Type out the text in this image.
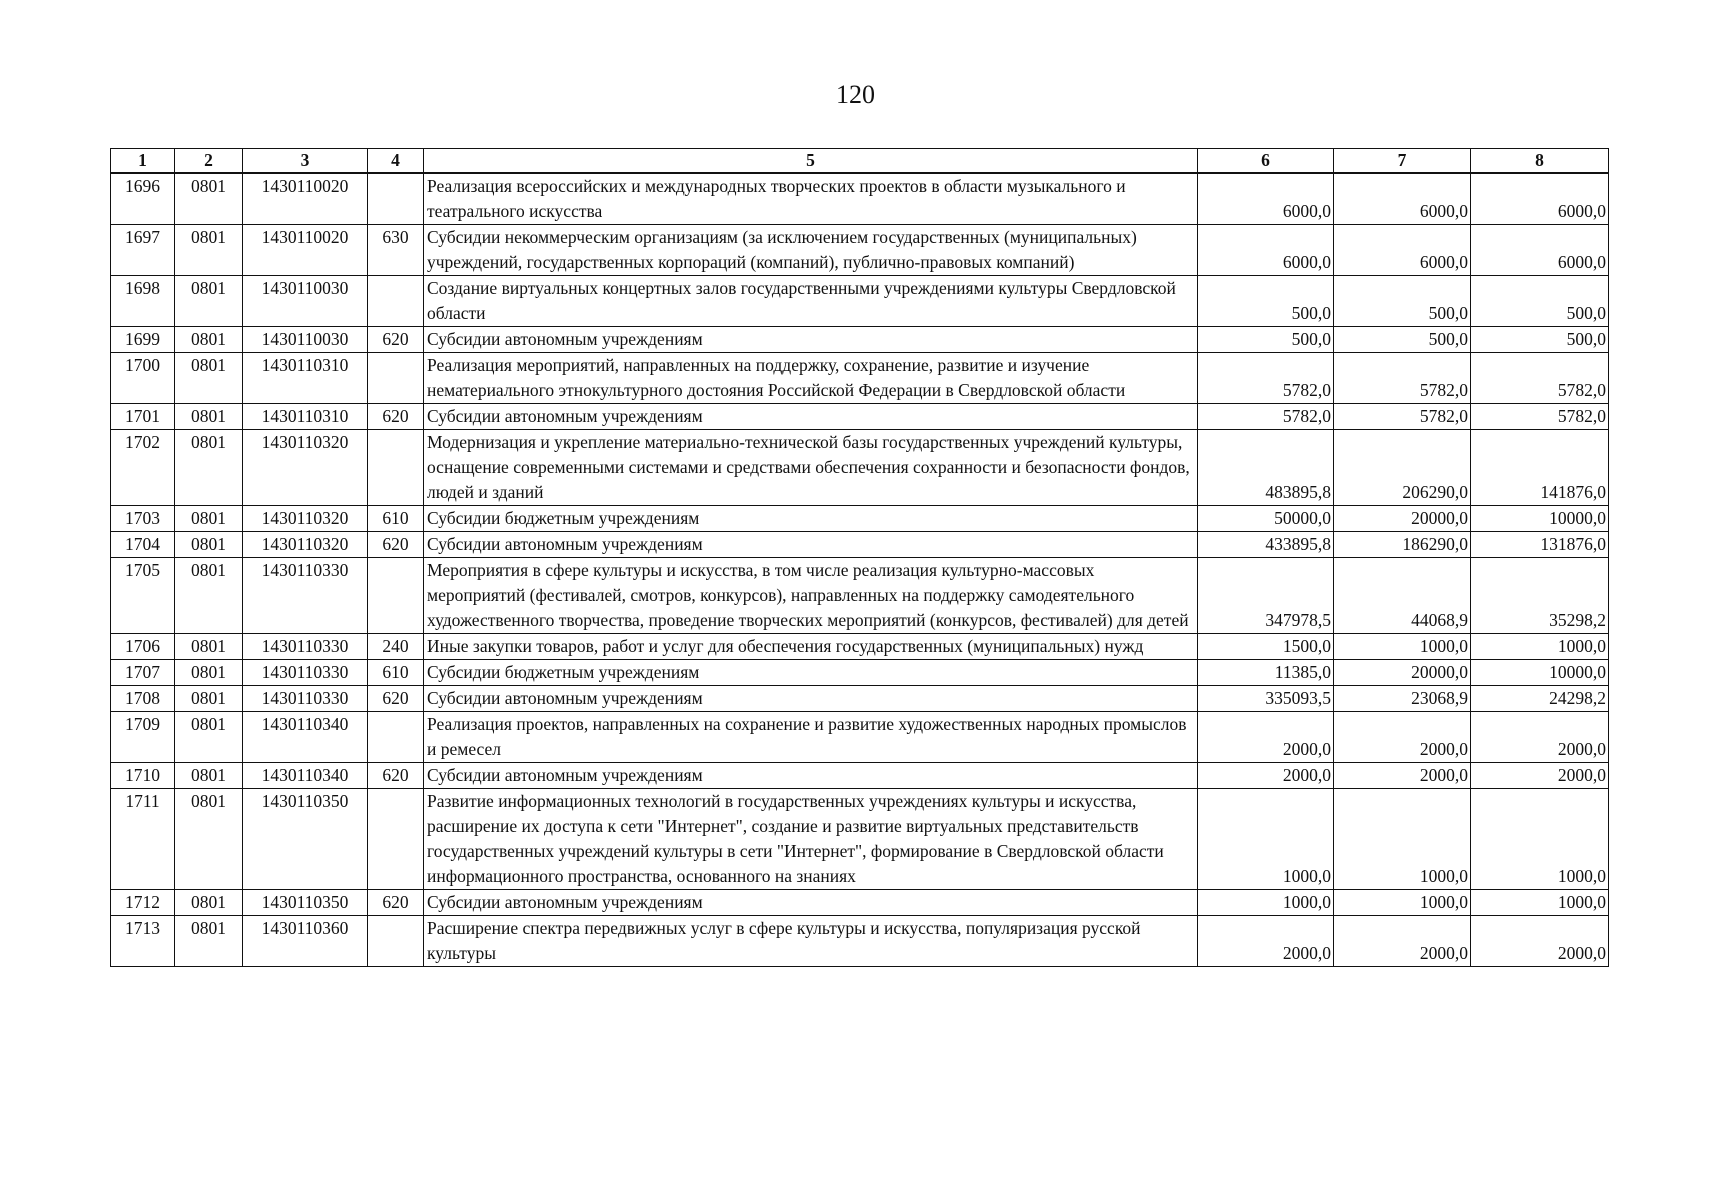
120
1	2	3	4	5	6	7	8
1696	0801	1430110020		Реализация всероссийских и международных творческих проектов в области музыкального и театрального искусства	6000,0	6000,0	6000,0
1697	0801	1430110020	630	Субсидии некоммерческим организациям (за исключением государственных (муниципальных) учреждений, государственных корпораций (компаний), публично-правовых компаний)	6000,0	6000,0	6000,0
1698	0801	1430110030		Создание виртуальных концертных залов государственными учреждениями культуры Свердловской области	500,0	500,0	500,0
1699	0801	1430110030	620	Субсидии автономным учреждениям	500,0	500,0	500,0
1700	0801	1430110310		Реализация мероприятий, направленных на поддержку, сохранение, развитие и изучение нематериального этнокультурного достояния Российской Федерации в Свердловской области	5782,0	5782,0	5782,0
1701	0801	1430110310	620	Субсидии автономным учреждениям	5782,0	5782,0	5782,0
1702	0801	1430110320		Модернизация и укрепление материально-технической базы государственных учреждений культуры, оснащение современными системами и средствами обеспечения сохранности и безопасности фондов, людей и зданий	483895,8	206290,0	141876,0
1703	0801	1430110320	610	Субсидии бюджетным учреждениям	50000,0	20000,0	10000,0
1704	0801	1430110320	620	Субсидии автономным учреждениям	433895,8	186290,0	131876,0
1705	0801	1430110330		Мероприятия в сфере культуры и искусства, в том числе реализация культурно-массовых мероприятий (фестивалей, смотров, конкурсов), направленных на поддержку самодеятельного художественного творчества, проведение творческих мероприятий (конкурсов, фестивалей) для детей	347978,5	44068,9	35298,2
1706	0801	1430110330	240	Иные закупки товаров, работ и услуг для обеспечения государственных (муниципальных) нужд	1500,0	1000,0	1000,0
1707	0801	1430110330	610	Субсидии бюджетным учреждениям	11385,0	20000,0	10000,0
1708	0801	1430110330	620	Субсидии автономным учреждениям	335093,5	23068,9	24298,2
1709	0801	1430110340		Реализация проектов, направленных на сохранение и развитие художественных народных промыслов и ремесел	2000,0	2000,0	2000,0
1710	0801	1430110340	620	Субсидии автономным учреждениям	2000,0	2000,0	2000,0
1711	0801	1430110350		Развитие информационных технологий в государственных учреждениях культуры и искусства, расширение их доступа к сети "Интернет", создание и развитие виртуальных представительств государственных учреждений культуры в сети "Интернет", формирование в Свердловской области информационного пространства, основанного на знаниях	1000,0	1000,0	1000,0
1712	0801	1430110350	620	Субсидии автономным учреждениям	1000,0	1000,0	1000,0
1713	0801	1430110360		Расширение спектра передвижных услуг в сфере культуры и искусства, популяризация русской культуры	2000,0	2000,0	2000,0
